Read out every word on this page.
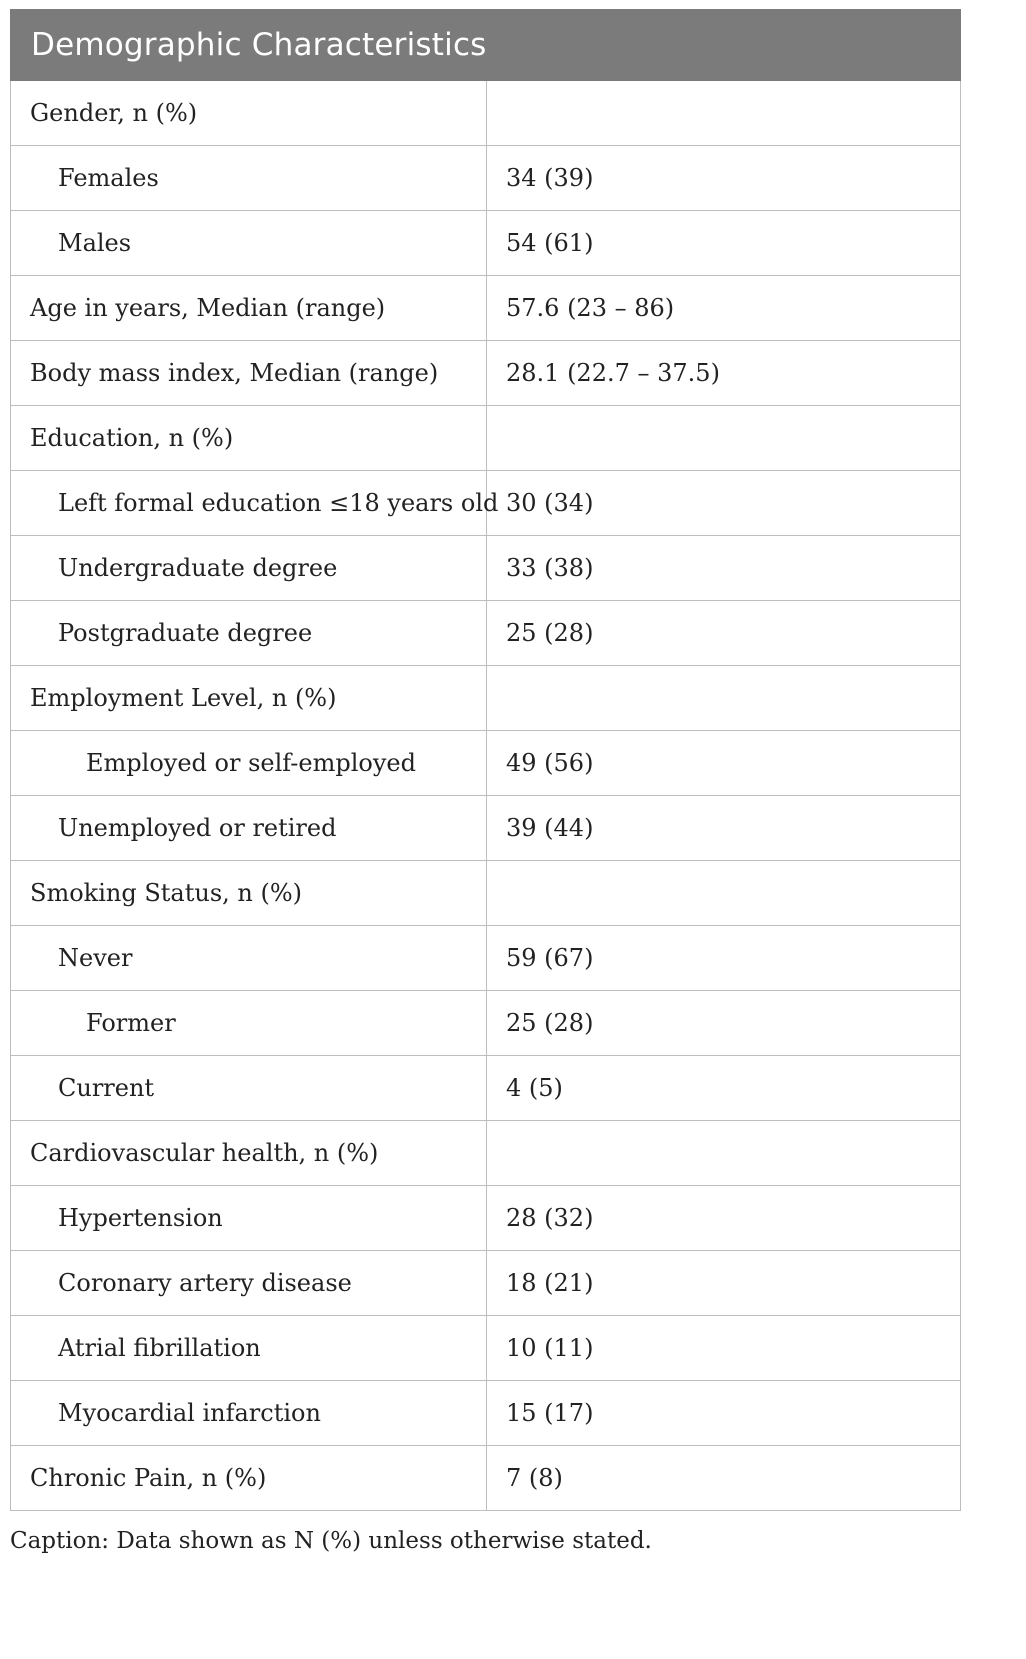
Demographic Characteristics	
Gender, n (%)	
Females	34 (39)
Males	54 (61)
Age in years, Median (range)	57.6 (23 – 86)
Body mass index, Median (range)	28.1 (22.7 – 37.5)
Education, n (%)	
Left formal education ≤18 years old	30 (34)
Undergraduate degree	33 (38)
Postgraduate degree	25 (28)
Employment Level, n (%)	
Employed or self-employed	49 (56)
Unemployed or retired	39 (44)
Smoking Status, n (%)	
Never	59 (67)
Former	25 (28)
Current	4 (5)
Cardiovascular health, n (%)	
Hypertension	28 (32)
Coronary artery disease	18 (21)
Atrial fibrillation	10 (11)
Myocardial infarction	15 (17)
Chronic Pain, n (%)	7 (8)
Caption: Data shown as N (%) unless otherwise stated.
